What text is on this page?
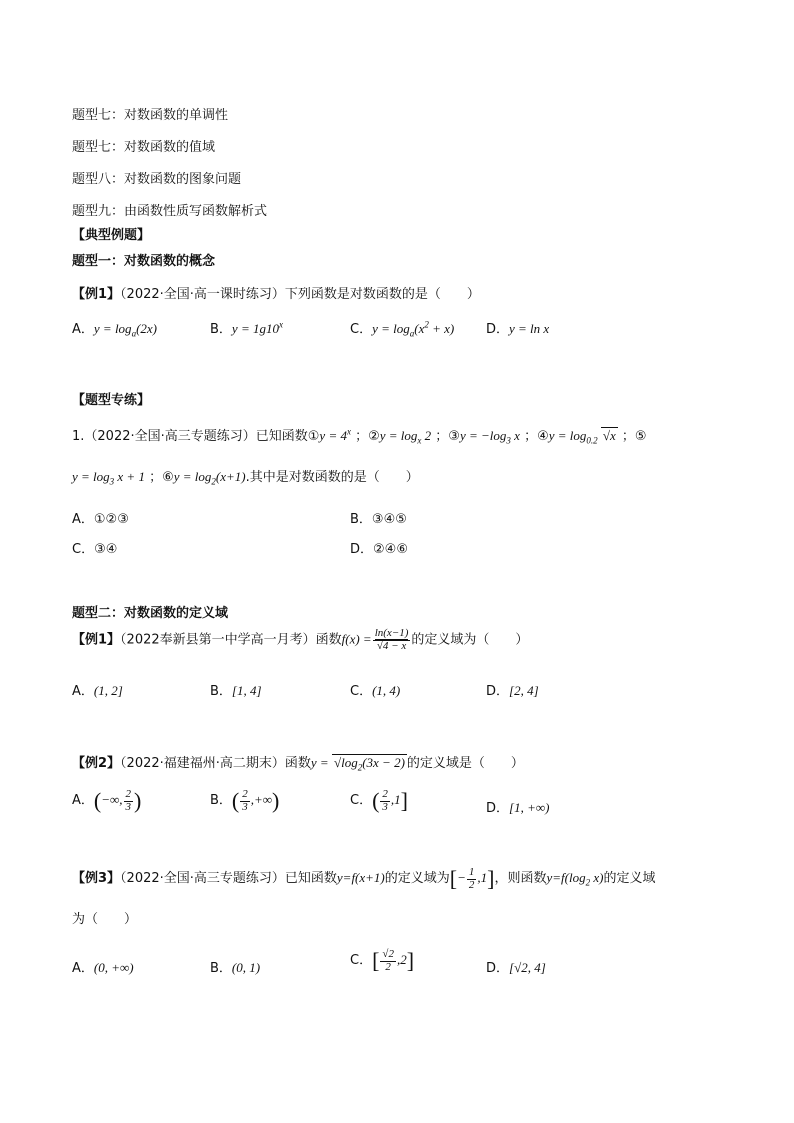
题型七：对数函数的单调性
题型七：对数函数的值域
题型八：对数函数的图象问题
题型九：由函数性质写函数解析式
【典型例题】
题型一：对数函数的概念
【例1】（2022·全国·高一课时练习）下列函数是对数函数的是（　　）
A．$y = \log_a(2x)$	B．$y = 1g10^x$	C．$y = \log_a(x^2 + x)$ D．y = ln x
【题型专练】
1.（2022·全国·高三专题练习）已知函数①y = $4^x$ ；②y = $\log_x 2$ ；③y = $-\log_3$ x ；④y = $\log_{0.2} √x$ ；⑤
$y = \log_3 x + 1$ ；⑥y = $\log_2(x+1)$.其中是对数函数的是（　　）
A．①②③	B．③④⑤
C．③④	D．②④⑥
题型二：对数函数的定义域
【例1】（2022奉新县第一中学高一月考）函数$f(x) = \frac{\ln(x-1)}{√4 - x}$ 的定义域为（　　）
A．(1, 2]	B．[1, 4]	C．(1, 4)	D．[2, 4]
【例2】（2022·福建福州·高二期末）函数$y = √\log_2(3x - 2)$ 的定义域是（　　）
A．(−∞, $\frac{2}{3}$ )	B．( $\frac{2}{3}$ ,+∞)	C．( $\frac{2}{3} ,1$]	D．[1, +∞)
【例3】（2022·全国·高三专题练习）已知函数y=f(x+1)的定义域为[− $\frac{1}{2} ,1$]，则函数$y=f(\log_2$ x)的定义域
为（　　）
A．(0, +∞)	B．(0, 1)	C．[ $\frac{√2}{2} ,2$]	D．[√2, 4]
